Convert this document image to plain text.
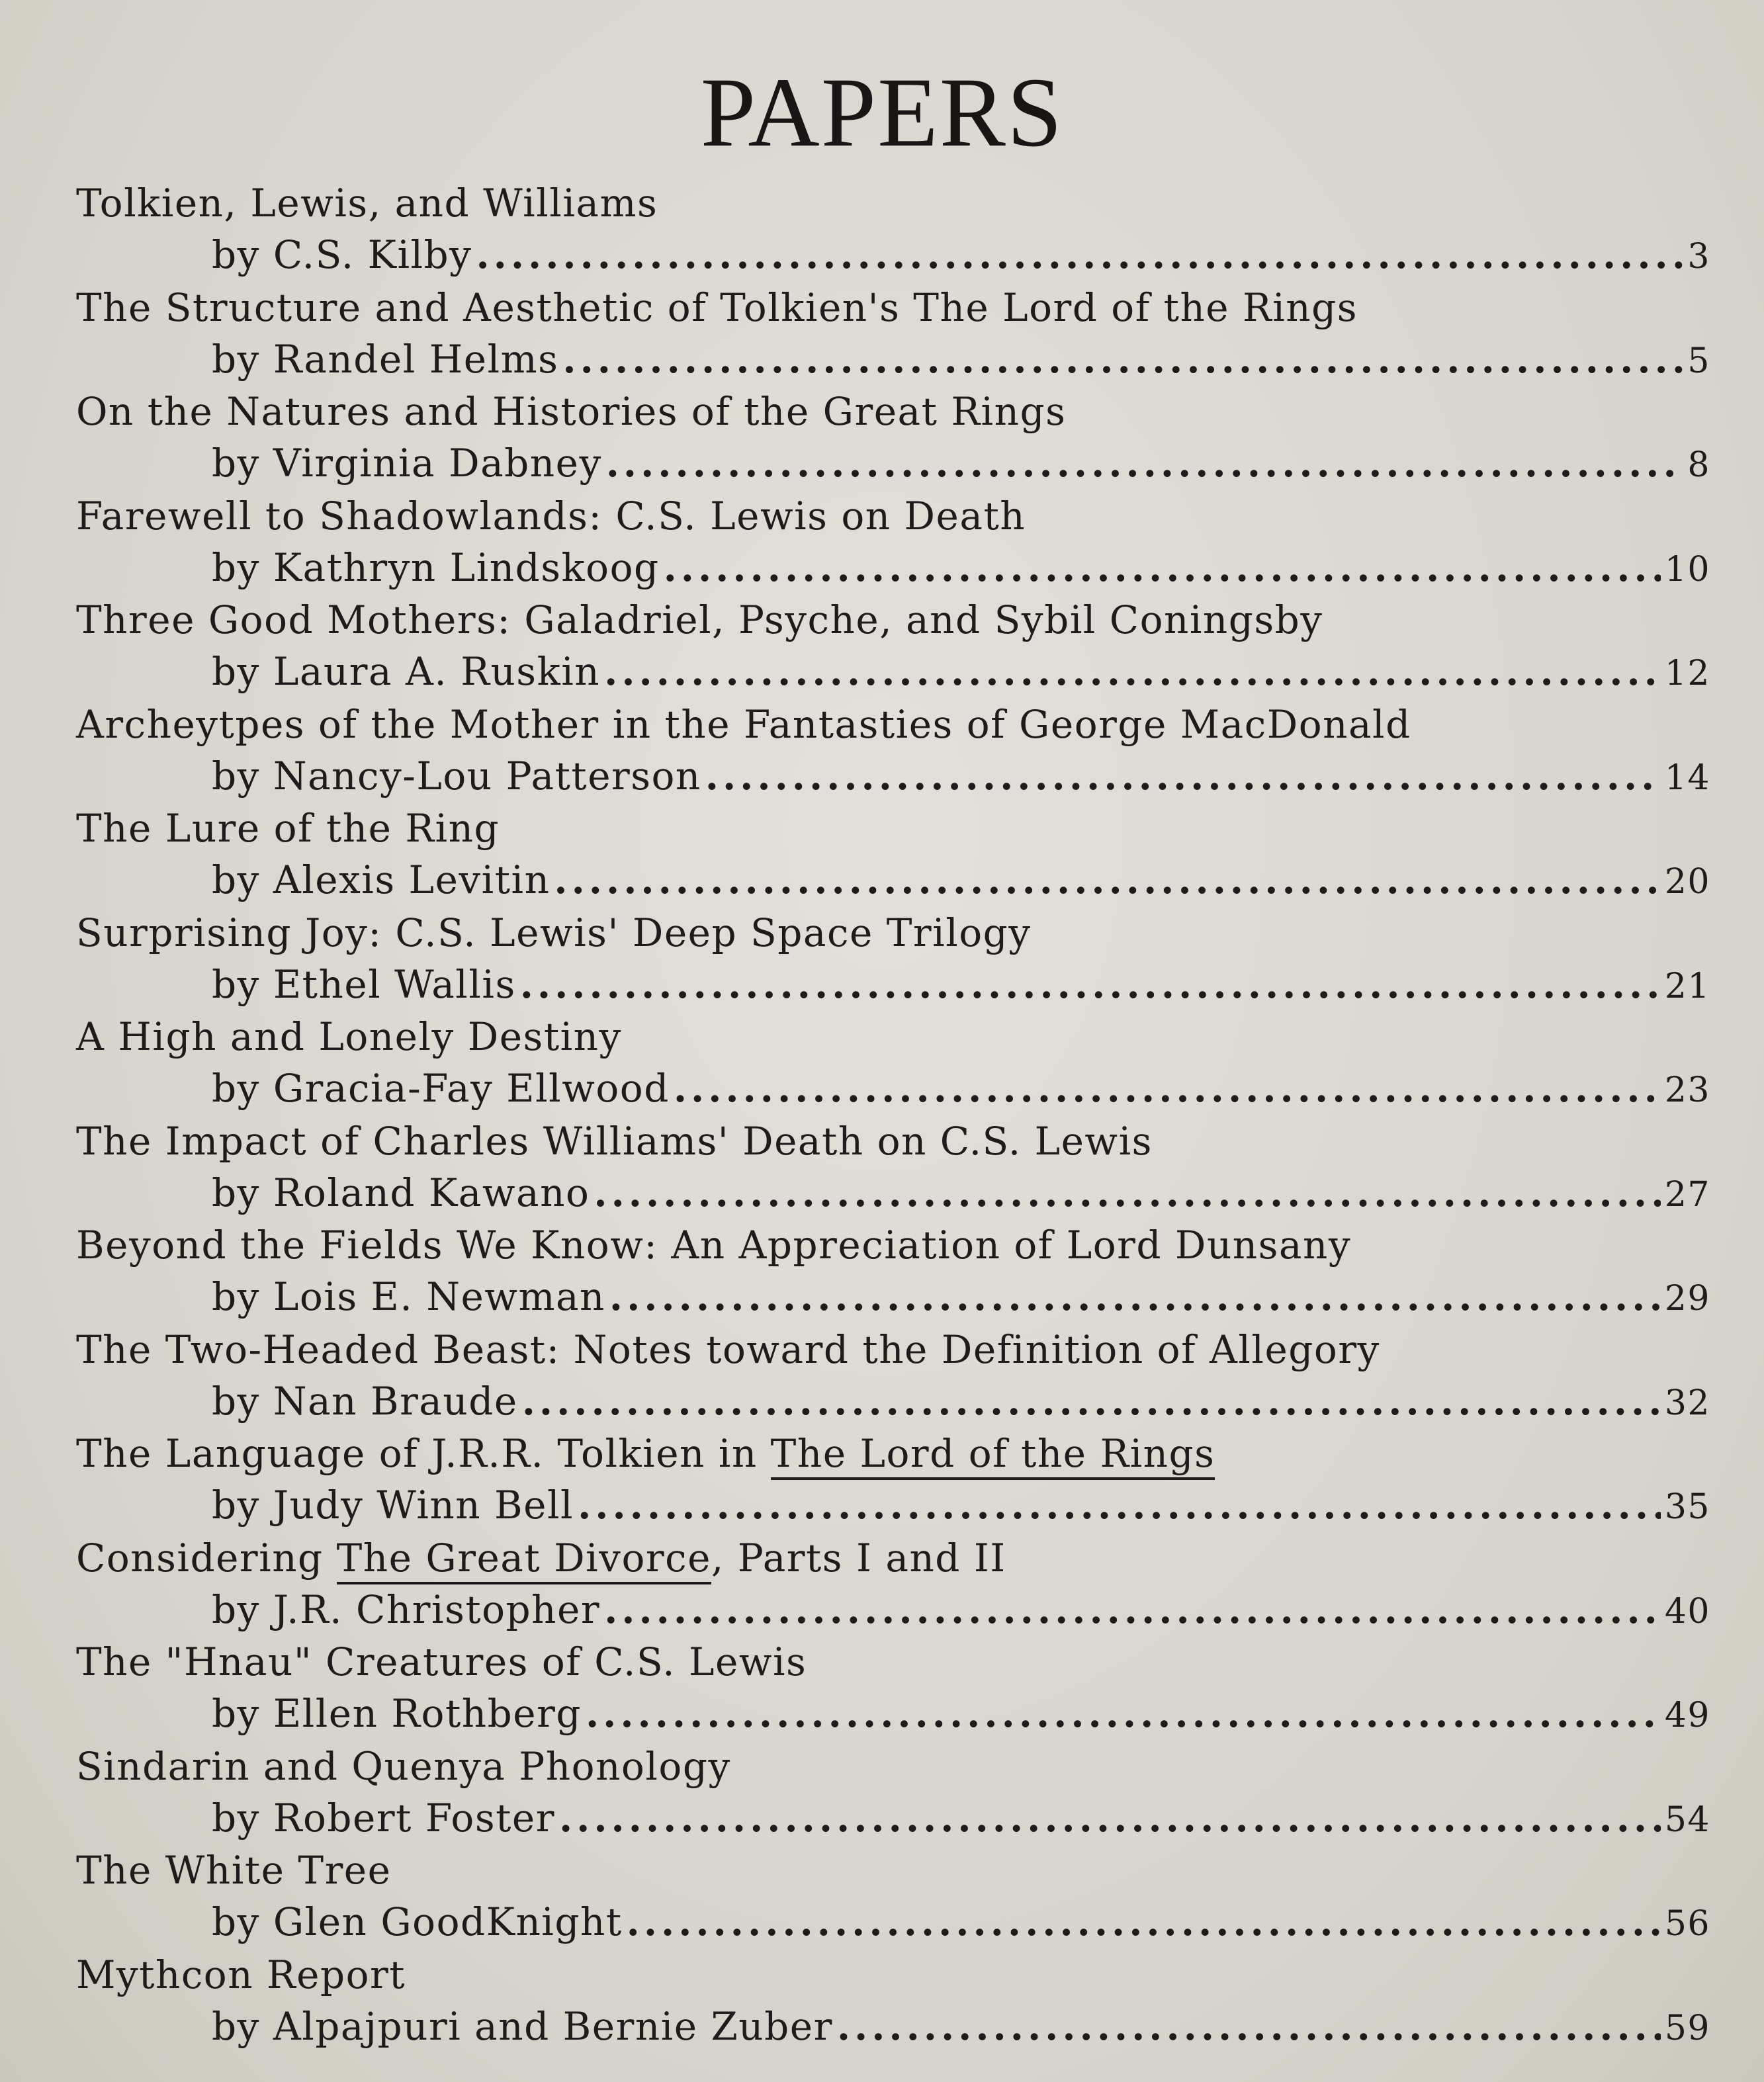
PAPERS
Tolkien, Lewis, and Williams
by C.S. Kilby .....	3
The Structure and Aesthetic of Tolkien's The Lord of the Rings
by Randel Helms .....	5
On the Natures and Histories of the Great Rings
by Virginia Dabney .....	8
Farewell to Shadowlands: C.S. Lewis on Death
by Kathryn Lindskoog .....	10
Three Good Mothers: Galadriel, Psyche, and Sybil Coningsby
by Laura A. Ruskin .....	12
Archeytpes of the Mother in the Fantasties of George MacDonald
by Nancy-Lou Patterson .....	14
The Lure of the Ring
by Alexis Levitin .....	20
Surprising Joy: C.S. Lewis' Deep Space Trilogy
by Ethel Wallis .....	21
A High and Lonely Destiny
by Gracia-Fay Ellwood .....	23
The Impact of Charles Williams' Death on C.S. Lewis
by Roland Kawano .....	27
Beyond the Fields We Know: An Appreciation of Lord Dunsany
by Lois E. Newman .....	29
The Two-Headed Beast: Notes toward the Definition of Allegory
by Nan Braude .....	32
The Language of J.R.R. Tolkien in The Lord of the Rings
by Judy Winn Bell .....	35
Considering The Great Divorce, Parts I and II
by J.R. Christopher .....	40
The "Hnau" Creatures of C.S. Lewis
by Ellen Rothberg .....	49
Sindarin and Quenya Phonology
by Robert Foster .....	54
The White Tree
by Glen GoodKnight .....	56
Mythcon Report
by Alpajpuri and Bernie Zuber .....	59
